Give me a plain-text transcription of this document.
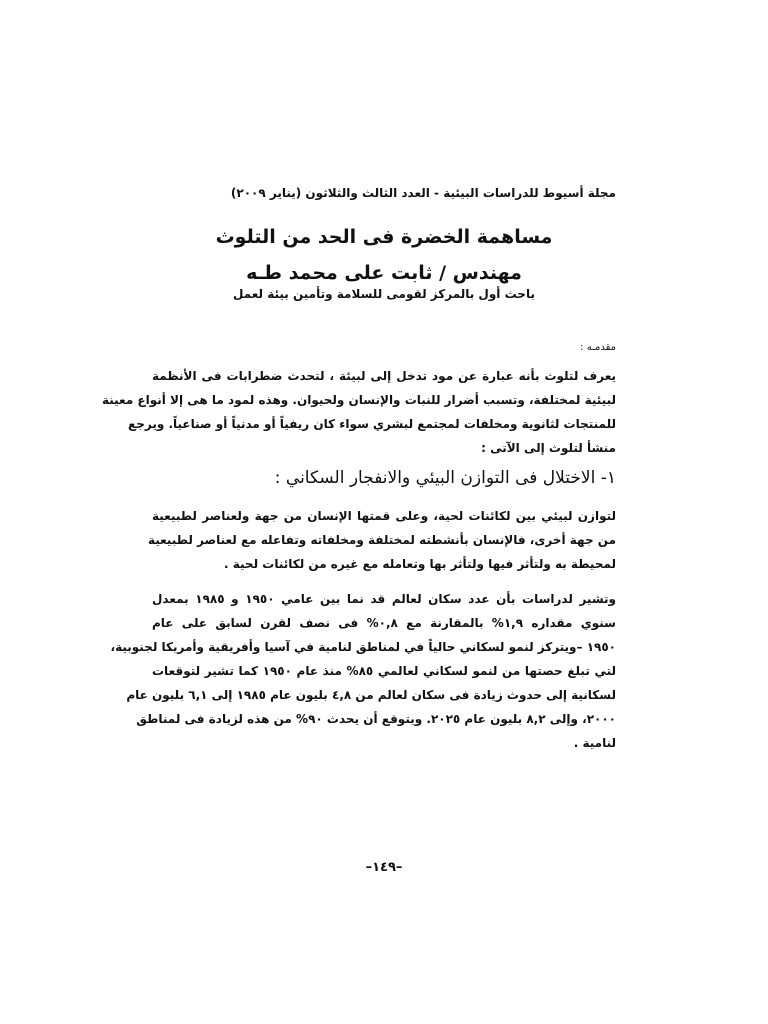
مجلة أسيوط للدراسات البيئية - العدد الثالث والثلاثون (يناير ٢٠٠٩)
مساهمة الخضرة فى الحد من التلوث
مهندس / ثابت على محمد طـه
باحث أول بالمركز لقومى للسلامة وتأمين بيئة لعمل
مقدمـه :
يعرف لتلوث بأنه عبارة عن مود تدخل إلى لبيئة ، لتحدث ضطرابات فى الأنظمة
لبيئية لمختلفة، وتسبب أضرار للنبات والإنسان ولحيوان. وهذه لمود ما هى إلا أنواع معينة
للمنتجات لثانوية ومخلفات لمجتمع لبشري سواء كان ريفياً أو مدنياً أو صناعياً. ويرجع
منشأ لتلوث إلى الآتى :
١- الاختلال فى التوازن البيئي والانفجار السكاني :
لتوازن لبيئي بين لكائنات لحية، وعلى قمتها الإنسان من جهة ولعناصر لطبيعية
من جهة أخرى، فالإنسان بأنشطته لمختلفة ومخلفاته وتفاعله مع لعناصر لطبيعية
لمحيطة به ولتأثر فيها ولتأثر بها وتعامله مع غيره من لكائنات لحية .
وتشير لدراسات بأن عدد سكان لعالم قد نما بين عامي ١٩٥٠ و ١٩٨٥ بمعدل
سنوي مقداره ١,٩% بالمقارنة مع ٠,٨% فى نصف لقرن لسابق على عام
١٩٥٠ –ويتركز لنمو لسكاني حالياً في لمناطق لنامية في آسيا وأفريقية وأمريكا لجنوبية،
لتي تبلغ حصتها من لنمو لسكاني لعالمي ٨٥% منذ عام ١٩٥٠ كما تشير لتوقعات
لسكانية إلى حدوث زيادة فى سكان لعالم من ٤,٨ بليون عام ١٩٨٥ إلى ٦,١ بليون عام
٢٠٠٠، وإلى ٨,٢ بليون عام ٢٠٢٥. ويتوقع أن يحدث ٩٠% من هذه لزيادة فى لمناطق
لنامية .
–١٤٩–
